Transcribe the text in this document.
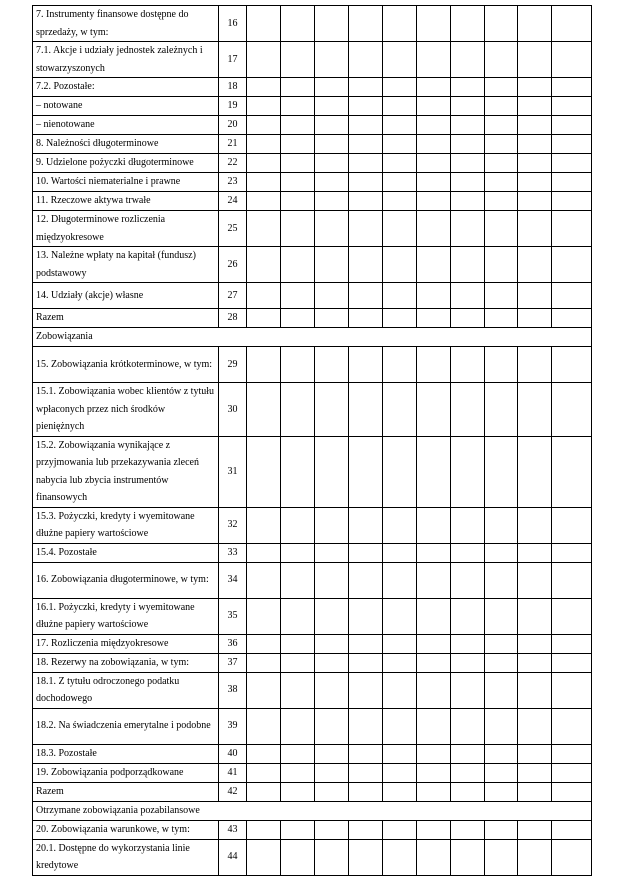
7. Instrumenty finansowe dostępne do sprzedaży, w tym:	16										
7.1. Akcje i udziały jednostek zależnych i stowarzyszonych	17										
7.2. Pozostałe:	18										
– notowane	19										
– nienotowane	20										
8. Należności długoterminowe	21										
9. Udzielone pożyczki długoterminowe	22										
10. Wartości niematerialne i prawne	23										
11. Rzeczowe aktywa trwałe	24										
12. Długoterminowe rozliczenia międzyokresowe	25										
13. Należne wpłaty na kapitał (fundusz) podstawowy	26										
14. Udziały (akcje) własne	27										
Razem	28										
Zobowiązania											
15. Zobowiązania krótkoterminowe, w tym:	29										
15.1. Zobowiązania wobec klientów z tytułu wpłaconych przez nich środków pieniężnych	30										
15.2. Zobowiązania wynikające z przyjmowania lub przekazywania zleceń nabycia lub zbycia instrumentów finansowych	31										
15.3. Pożyczki, kredyty i wyemitowane dłużne papiery wartościowe	32										
15.4. Pozostałe	33										
16. Zobowiązania długoterminowe, w tym:	34										
16.1. Pożyczki, kredyty i wyemitowane dłużne papiery wartościowe	35										
17. Rozliczenia międzyokresowe	36										
18. Rezerwy na zobowiązania, w tym:	37										
18.1. Z tytułu odroczonego podatku dochodowego	38										
18.2. Na świadczenia emerytalne i podobne	39										
18.3. Pozostałe	40										
19. Zobowiązania podporządkowane	41										
Razem	42										
Otrzymane zobowiązania pozabilansowe											
20. Zobowiązania warunkowe, w tym:	43										
20.1. Dostępne do wykorzystania linie kredytowe	44										
